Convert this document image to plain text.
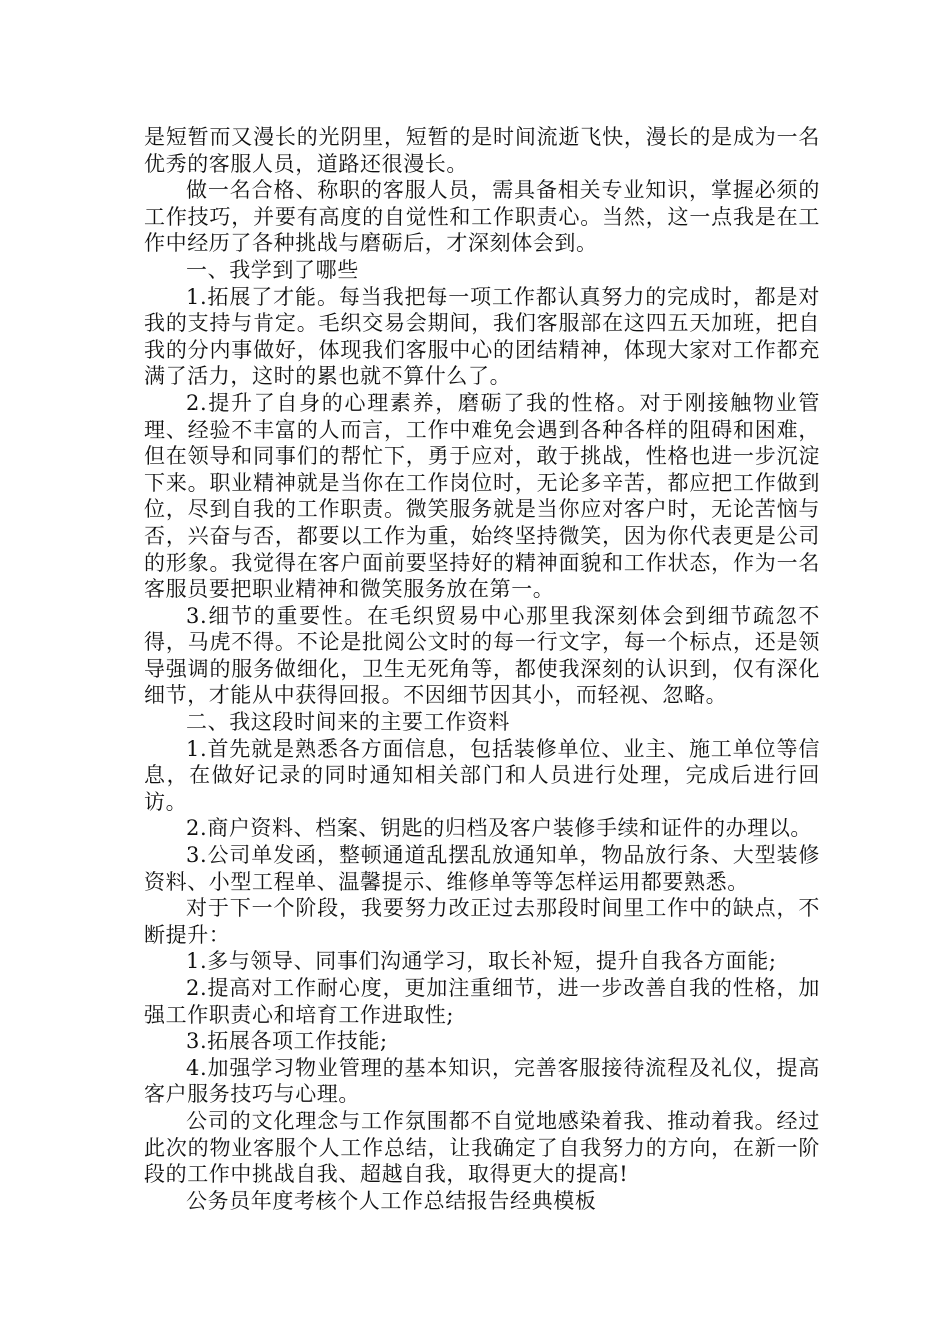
是短暂而又漫长的光阴里，短暂的是时间流逝飞快，漫长的是成为一名优秀的客服人员，道路还很漫长。

做一名合格、称职的客服人员，需具备相关专业知识，掌握必须的工作技巧，并要有高度的自觉性和工作职责心。当然，这一点我是在工作中经历了各种挑战与磨砺后，才深刻体会到。

一、我学到了哪些

1.拓展了才能。每当我把每一项工作都认真努力的完成时，都是对我的支持与肯定。毛织交易会期间，我们客服部在这四五天加班，把自我的分内事做好，体现我们客服中心的团结精神，体现大家对工作都充满了活力，这时的累也就不算什么了。

2.提升了自身的心理素养，磨砺了我的性格。对于刚接触物业管理、经验不丰富的人而言，工作中难免会遇到各种各样的阻碍和困难，但在领导和同事们的帮忙下，勇于应对，敢于挑战，性格也进一步沉淀下来。职业精神就是当你在工作岗位时，无论多辛苦，都应把工作做到位，尽到自我的工作职责。微笑服务就是当你应对客户时，无论苦恼与否，兴奋与否，都要以工作为重，始终坚持微笑，因为你代表更是公司的形象。我觉得在客户面前要坚持好的精神面貌和工作状态，作为一名客服员要把职业精神和微笑服务放在第一。

3.细节的重要性。在毛织贸易中心那里我深刻体会到细节疏忽不得，马虎不得。不论是批阅公文时的每一行文字，每一个标点，还是领导强调的服务做细化，卫生无死角等，都使我深刻的认识到，仅有深化细节，才能从中获得回报。不因细节因其小，而轻视、忽略。

二、我这段时间来的主要工作资料

1.首先就是熟悉各方面信息，包括装修单位、业主、施工单位等信息，在做好记录的同时通知相关部门和人员进行处理，完成后进行回访。

2.商户资料、档案、钥匙的归档及客户装修手续和证件的办理以。

3.公司单发函，整顿通道乱摆乱放通知单，物品放行条、大型装修资料、小型工程单、温馨提示、维修单等等怎样运用都要熟悉。

对于下一个阶段，我要努力改正过去那段时间里工作中的缺点，不断提升：

1.多与领导、同事们沟通学习，取长补短，提升自我各方面能;

2.提高对工作耐心度，更加注重细节，进一步改善自我的性格，加强工作职责心和培育工作进取性;

3.拓展各项工作技能;

4.加强学习物业管理的基本知识，完善客服接待流程及礼仪，提高客户服务技巧与心理。

公司的文化理念与工作氛围都不自觉地感染着我、推动着我。经过此次的物业客服个人工作总结，让我确定了自我努力的方向，在新一阶段的工作中挑战自我、超越自我，取得更大的提高!

公务员年度考核个人工作总结报告经典模板
